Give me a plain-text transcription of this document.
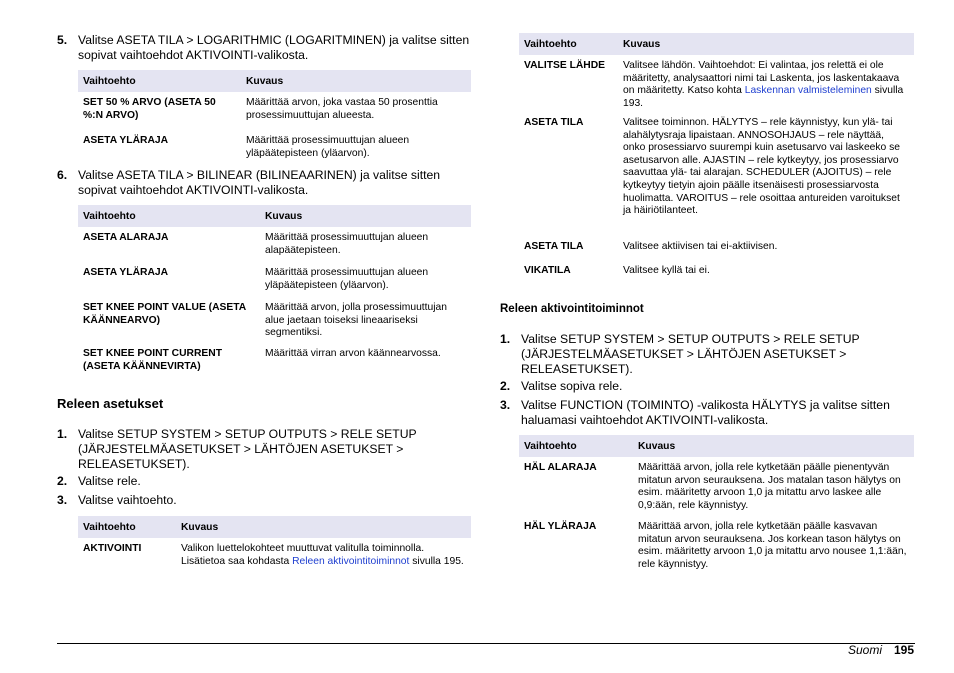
5. Valitse ASETA TILA > LOGARITHMIC (LOGARITMINEN) ja valitse sitten sopivat vaihtoehdot AKTIVOINTI-valikosta.
Vaihtoehto	Kuvaus
SET 50 % ARVO (ASETA 50 %:N ARVO)	Määrittää arvon, joka vastaa 50 prosenttia prosessimuuttujan alueesta.
ASETA YLÄRAJA	Määrittää prosessimuuttujan alueen yläpäätepisteen (yläarvon).
6. Valitse ASETA TILA > BILINEAR (BILINEAARINEN) ja valitse sitten sopivat vaihtoehdot AKTIVOINTI-valikosta.
Vaihtoehto	Kuvaus
ASETA ALARAJA	Määrittää prosessimuuttujan alueen alapäätepisteen.
ASETA YLÄRAJA	Määrittää prosessimuuttujan alueen yläpäätepisteen (yläarvon).
SET KNEE POINT VALUE (ASETA KÄÄNNEARVO)	Määrittää arvon, jolla prosessimuuttujan alue jaetaan toiseksi lineaariseksi segmentiksi.
SET KNEE POINT CURRENT (ASETA KÄÄNNEVIRTA)	Määrittää virran arvon käännearvossa.
Releen asetukset
1. Valitse SETUP SYSTEM > SETUP OUTPUTS > RELE SETUP (JÄRJESTELMÄASETUKSET > LÄHTÖJEN ASETUKSET > RELEASETUKSET).
2. Valitse rele.
3. Valitse vaihtoehto.
Vaihtoehto	Kuvaus
AKTIVOINTI	Valikon luettelokohteet muuttuvat valitulla toiminnolla. Lisätietoa saa kohdasta Releen aktivointitoiminnot sivulla 195.
Vaihtoehto	Kuvaus
VALITSE LÄHDE	Valitsee lähdön. Vaihtoehdot: Ei valintaa, jos relettä ei ole määritetty, analysaattori nimi tai Laskenta, jos laskentakaava on määritetty. Katso kohta Laskennan valmisteleminen sivulla 193.
ASETA TILA	Valitsee toiminnon. HÄLYTYS – rele käynnistyy, kun ylä- tai alahälytysraja lipaistaan. ANNOSOHJAUS – rele näyttää, onko prosessiarvo suurempi kuin asetusarvo vai laskeeko se asetusarvon alle. AJASTIN – rele kytkeytyy, jos prosessiarvo saavuttaa ylä- tai alarajan. SCHEDULER (AJOITUS) – rele kytkeytyy tietyin ajoin päälle itsenäisesti prosessiarvosta huolimatta. VAROITUS – rele osoittaa antureiden varoitukset ja häiriötilanteet.
ASETA TILA	Valitsee aktiivisen tai ei-aktiivisen.
VIKATILA	Valitsee kyllä tai ei.
Releen aktivointitoiminnot
1. Valitse SETUP SYSTEM > SETUP OUTPUTS > RELE SETUP (JÄRJESTELMÄASETUKSET > LÄHTÖJEN ASETUKSET > RELEASETUKSET).
2. Valitse sopiva rele.
3. Valitse FUNCTION (TOIMINTO) -valikosta HÄLYTYS ja valitse sitten haluamasi vaihtoehdot AKTIVOINTI-valikosta.
Vaihtoehto	Kuvaus
HÄL ALARAJA	Määrittää arvon, jolla rele kytketään päälle pienentyvän mitatun arvon seurauksena. Jos matalan tason hälytys on esim. määritetty arvoon 1,0 ja mitattu arvo laskee alle 0,9:ään, rele käynnistyy.
HÄL YLÄRAJA	Määrittää arvon, jolla rele kytketään päälle kasvavan mitatun arvon seurauksena. Jos korkean tason hälytys on esim. määritetty arvoon 1,0 ja mitattu arvo nousee 1,1:ään, rele käynnistyy.
Suomi 195
